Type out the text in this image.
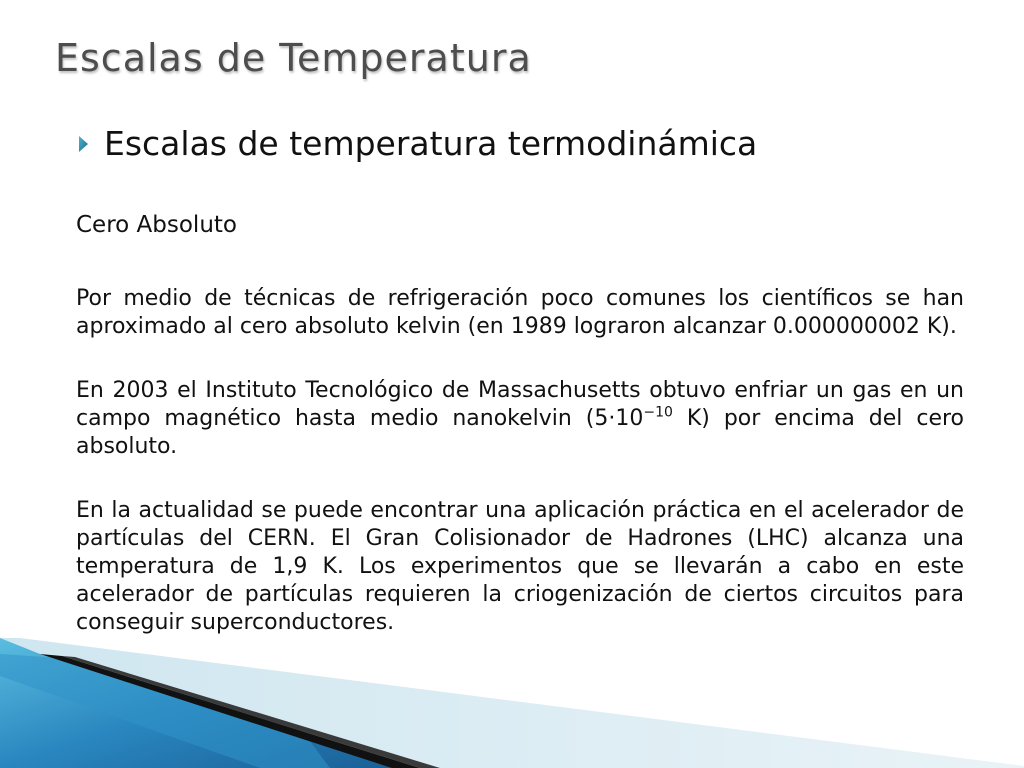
Escalas de Temperatura
Escalas de temperatura termodinámica

Cero Absoluto

Por medio de técnicas de refrigeración poco comunes los científicos se han aproximado al cero absoluto kelvin (en 1989 lograron alcanzar 0.000000002 K).

En 2003 el Instituto Tecnológico de Massachusetts obtuvo enfriar un gas en un campo magnético hasta medio nanokelvin ($5\cdot 10^{-10}$ K) por encima del cero absoluto.

En la actualidad se puede encontrar una aplicación práctica en el acelerador de partículas del CERN. El Gran Colisionador de Hadrones (LHC) alcanza una temperatura de 1,9 K. Los experimentos que se llevarán a cabo en este acelerador de partículas requieren la criogenización de ciertos circuitos para conseguir superconductores.
